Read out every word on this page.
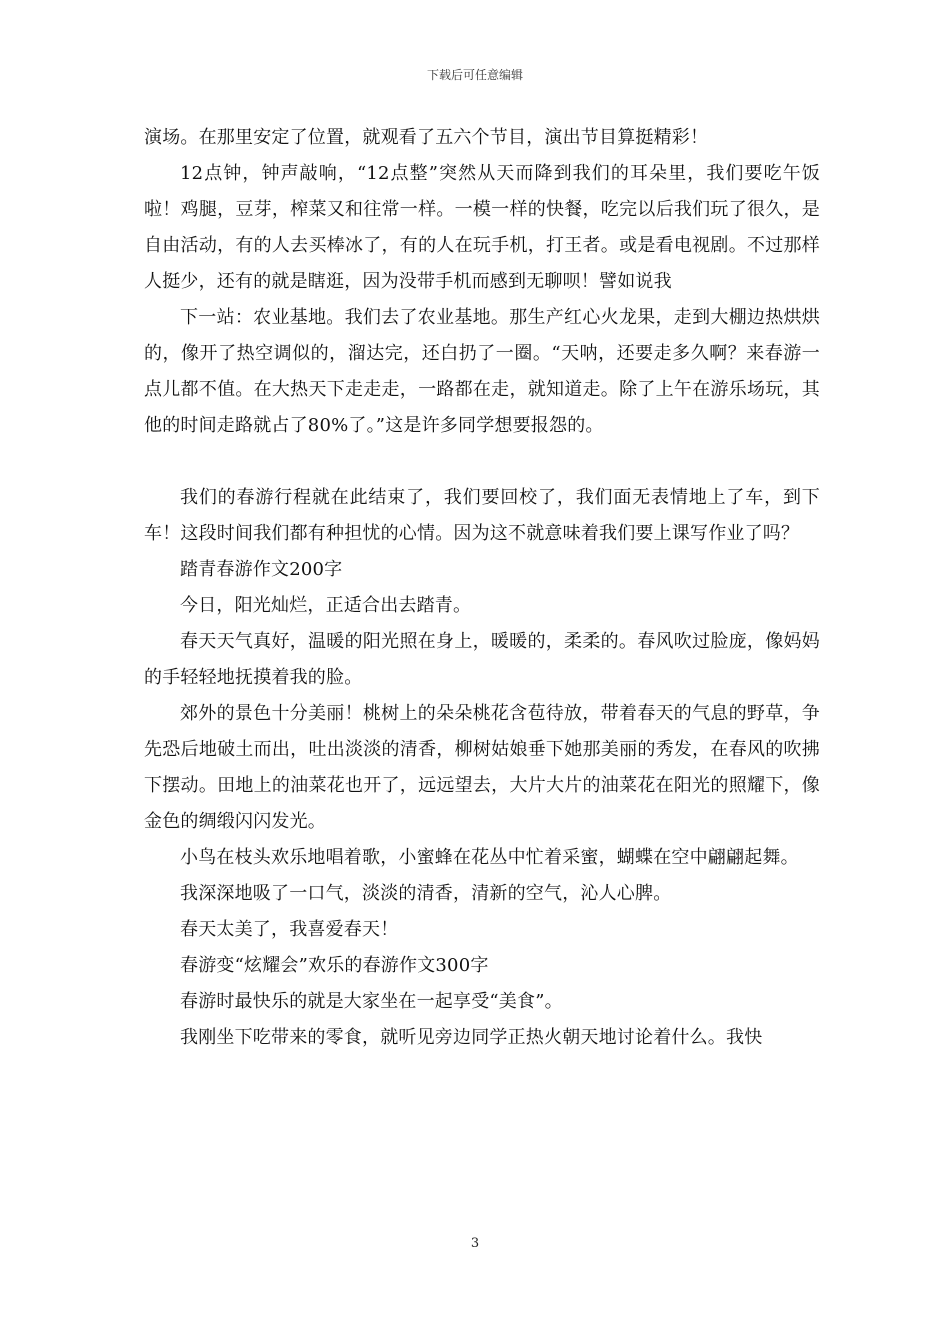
下载后可任意编辑

演场。在那里安定了位置，就观看了五六个节目，演出节目算挺精彩！

12点钟，钟声敲响，“12点整”突然从天而降到我们的耳朵里，我们要吃午饭啦！鸡腿，豆芽，榨菜又和往常一样。一模一样的快餐，吃完以后我们玩了很久，是自由活动，有的人去买棒冰了，有的人在玩手机，打王者。或是看电视剧。不过那样人挺少，还有的就是瞎逛，因为没带手机而感到无聊呗！譬如说我

下一站：农业基地。我们去了农业基地。那生产红心火龙果，走到大棚边热烘烘的，像开了热空调似的，溜达完，还白扔了一圈。“天呐，还要走多久啊？来春游一点儿都不值。在大热天下走走走，一路都在走，就知道走。除了上午在游乐场玩，其他的时间走路就占了80%了。”这是许多同学想要报怨的。

我们的春游行程就在此结束了，我们要回校了，我们面无表情地上了车，到下车！这段时间我们都有种担忧的心情。因为这不就意味着我们要上课写作业了吗？

踏青春游作文200字

今日，阳光灿烂，正适合出去踏青。

春天天气真好，温暖的阳光照在身上，暖暖的，柔柔的。春风吹过脸庞，像妈妈的手轻轻地抚摸着我的脸。

郊外的景色十分美丽！桃树上的朵朵桃花含苞待放，带着春天的气息的野草，争先恐后地破土而出，吐出淡淡的清香，柳树姑娘垂下她那美丽的秀发，在春风的吹拂下摆动。田地上的油菜花也开了，远远望去，大片大片的油菜花在阳光的照耀下，像金色的绸缎闪闪发光。

小鸟在枝头欢乐地唱着歌，小蜜蜂在花丛中忙着采蜜，蝴蝶在空中翩翩起舞。

我深深地吸了一口气，淡淡的清香，清新的空气，沁人心脾。

春天太美了，我喜爱春天！

春游变“炫耀会”欢乐的春游作文300字

春游时最快乐的就是大家坐在一起享受“美食”。

我刚坐下吃带来的零食，就听见旁边同学正热火朝天地讨论着什么。我快

3
